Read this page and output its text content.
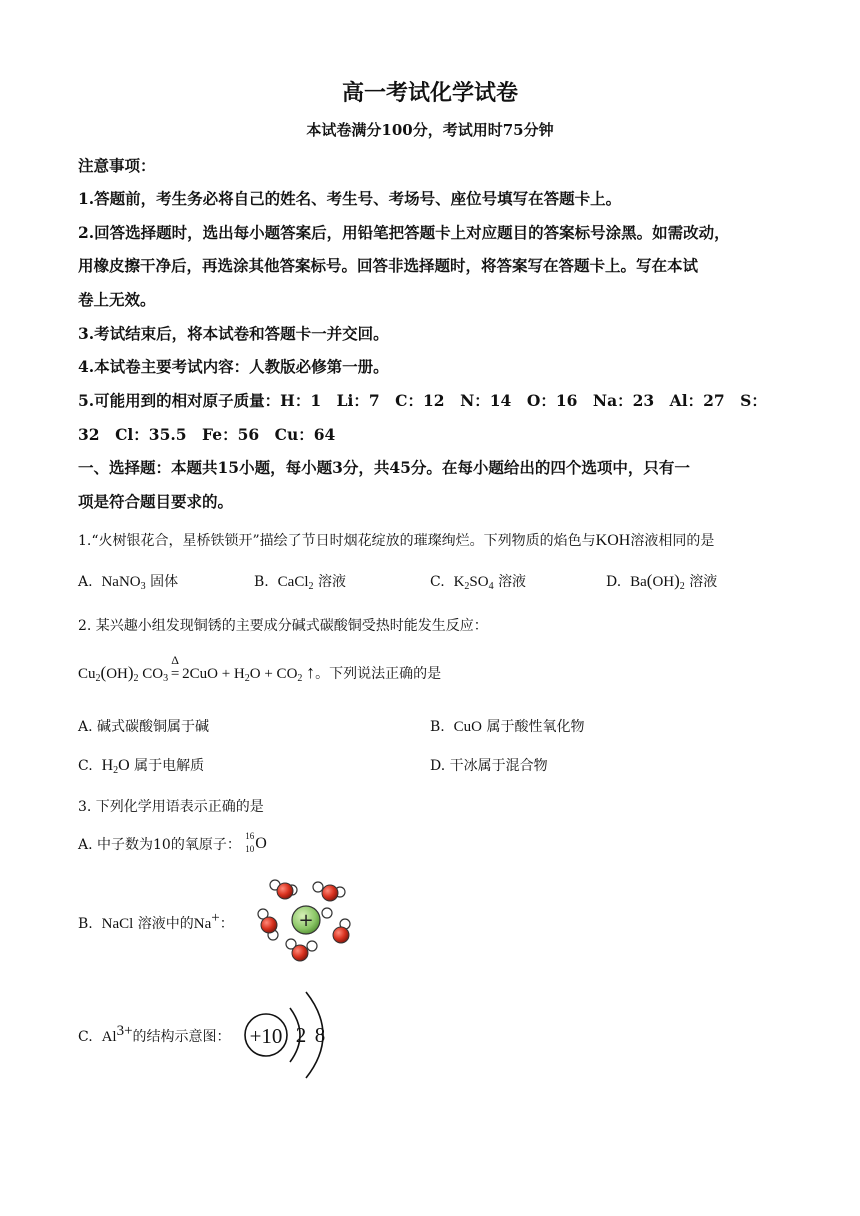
高一考试化学试卷
本试卷满分100分，考试用时75分钟
注意事项：
1.答题前，考生务必将自己的姓名、考生号、考场号、座位号填写在答题卡上。
2.回答选择题时，选出每小题答案后，用铅笔把答题卡上对应题目的答案标号涂黑。如需改动，
用橡皮擦干净后，再选涂其他答案标号。回答非选择题时，将答案写在答题卡上。写在本试
卷上无效。
3.考试结束后，将本试卷和答题卡一并交回。
4.本试卷主要考试内容：人教版必修第一册。
5.可能用到的相对原子质量：H：1　Li：7　C：12　N：14　O：16　Na：23　Al：27　S：
32　Cl：35.5　Fe：56　Cu：64
一、选择题：本题共15小题，每小题3分，共45分。在每小题给出的四个选项中，只有一
项是符合题目要求的。
1.“火树银花合，星桥铁锁开”描绘了节日时烟花绽放的璀璨绚烂。下列物质的焰色与KOH溶液相同的是
A. NaNO$_3$ 固体	B. CaCl$_2$ 溶液	C. $K_2SO_4$ 溶液	D. $Ba(OH)_2$ 溶液
2. 某兴趣小组发现铜锈的主要成分碱式碳酸铜受热时能发生反应：
$Cu_2(OH)_2$ $CO_3$
Δ
= $2CuO + H_2O + CO_2$ ↑。下列说法正确的是
A. 碱式碳酸铜属于碱	B. CuO 属于酸性氧化物
C. $H_2O$ 属于电解质	D. 干冰属于混合物
3. 下列化学用语表示正确的是
A. 中子数为10的氧原子：
16
10 O
B. NaCl 溶液中的Na+：	+
C. $Al^{3+}$的结构示意图： +10 2 8
